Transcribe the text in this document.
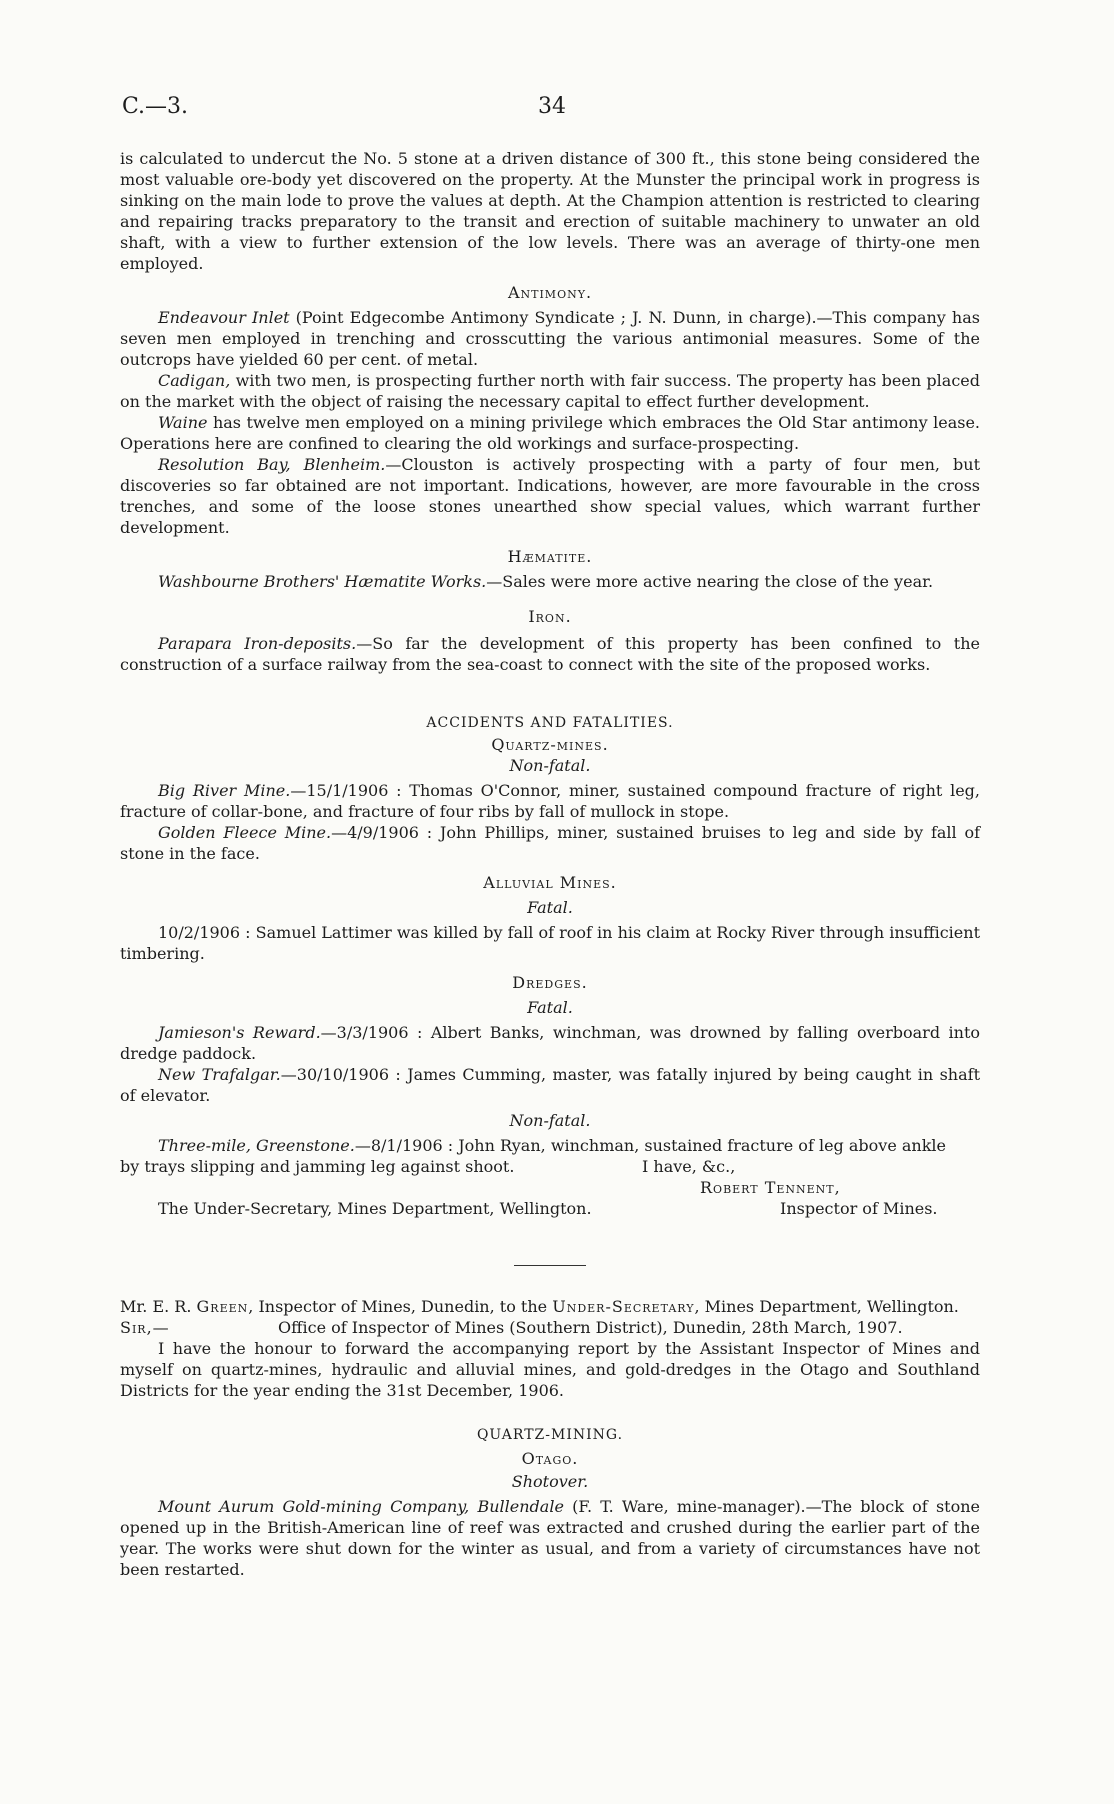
C.—3.	34

is calculated to undercut the No. 5 stone at a driven distance of 300 ft., this stone being considered the most valuable ore-body yet discovered on the property. At the Munster the principal work in progress is sinking on the main lode to prove the values at depth. At the Champion attention is restricted to clearing and repairing tracks preparatory to the transit and erection of suitable machinery to unwater an old shaft, with a view to further extension of the low levels. There was an average of thirty-one men employed.

Antimony.

Endeavour Inlet (Point Edgecombe Antimony Syndicate ; J. N. Dunn, in charge).—This company has seven men employed in trenching and crosscutting the various antimonial measures. Some of the outcrops have yielded 60 per cent. of metal.

Cadigan, with two men, is prospecting further north with fair success. The property has been placed on the market with the object of raising the necessary capital to effect further development.

Waine has twelve men employed on a mining privilege which embraces the Old Star antimony lease. Operations here are confined to clearing the old workings and surface-prospecting.

Resolution Bay, Blenheim.—Clouston is actively prospecting with a party of four men, but discoveries so far obtained are not important. Indications, however, are more favourable in the cross trenches, and some of the loose stones unearthed show special values, which warrant further development.

Hæmatite.

Washbourne Brothers' Hæmatite Works.—Sales were more active nearing the close of the year.

Iron.

Parapara Iron-deposits.—So far the development of this property has been confined to the construction of a surface railway from the sea-coast to connect with the site of the proposed works.

ACCIDENTS AND FATALITIES.

Quartz-mines.

Non-fatal.

Big River Mine.—15/1/1906 : Thomas O'Connor, miner, sustained compound fracture of right leg, fracture of collar-bone, and fracture of four ribs by fall of mullock in stope.

Golden Fleece Mine.—4/9/1906 : John Phillips, miner, sustained bruises to leg and side by fall of stone in the face.

Alluvial Mines.

Fatal.

10/2/1906 : Samuel Lattimer was killed by fall of roof in his claim at Rocky River through insufficient timbering.

Dredges.

Fatal.

Jamieson's Reward.—3/3/1906 : Albert Banks, winchman, was drowned by falling overboard into dredge paddock.

New Trafalgar.—30/10/1906 : James Cumming, master, was fatally injured by being caught in shaft of elevator.

Non-fatal.

Three-mile, Greenstone.—8/1/1906 : John Ryan, winchman, sustained fracture of leg above ankle

by trays slipping and jamming leg against shoot.	I have, &c.,
Robert Tennent,
The Under-Secretary, Mines Department, Wellington.	Inspector of Mines.

Mr. E. R. Green, Inspector of Mines, Dunedin, to the Under-Secretary, Mines Department, Wellington.

Sir,—	Office of Inspector of Mines (Southern District), Dunedin, 28th March, 1907.

I have the honour to forward the accompanying report by the Assistant Inspector of Mines and myself on quartz-mines, hydraulic and alluvial mines, and gold-dredges in the Otago and Southland Districts for the year ending the 31st December, 1906.

QUARTZ-MINING.

Otago.

Shotover.

Mount Aurum Gold-mining Company, Bullendale (F. T. Ware, mine-manager).—The block of stone opened up in the British-American line of reef was extracted and crushed during the earlier part of the year. The works were shut down for the winter as usual, and from a variety of circumstances have not been restarted.
